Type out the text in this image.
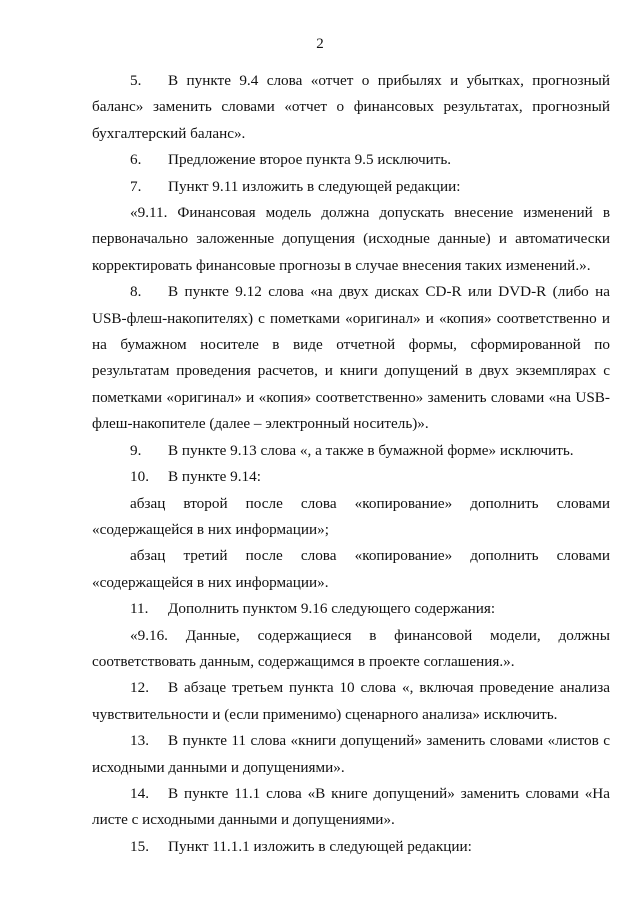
2

5. В пункте 9.4 слова «отчет о прибылях и убытках, прогнозный баланс» заменить словами «отчет о финансовых результатах, прогнозный бухгалтерский баланс».

6. Предложение второе пункта 9.5 исключить.

7. Пункт 9.11 изложить в следующей редакции:

«9.11. Финансовая модель должна допускать внесение изменений в первоначально заложенные допущения (исходные данные) и автоматически корректировать финансовые прогнозы в случае внесения таких изменений.».

8. В пункте 9.12 слова «на двух дисках CD-R или DVD-R (либо на USB-флеш-накопителях) с пометками «оригинал» и «копия» соответственно и на бумажном носителе в виде отчетной формы, сформированной по результатам проведения расчетов, и книги допущений в двух экземплярах с пометками «оригинал» и «копия» соответственно» заменить словами «на USB-флеш-накопителе (далее – электронный носитель)».

9. В пункте 9.13 слова «, а также в бумажной форме» исключить.

10. В пункте 9.14:

абзац второй после слова «копирование» дополнить словами «содержащейся в них информации»;

абзац третий после слова «копирование» дополнить словами «содержащейся в них информации».

11. Дополнить пунктом 9.16 следующего содержания:

«9.16. Данные, содержащиеся в финансовой модели, должны соответствовать данным, содержащимся в проекте соглашения.».

12. В абзаце третьем пункта 10 слова «, включая проведение анализа чувствительности и (если применимо) сценарного анализа» исключить.

13. В пункте 11 слова «книги допущений» заменить словами «листов с исходными данными и допущениями».

14. В пункте 11.1 слова «В книге допущений» заменить словами «На листе с исходными данными и допущениями».

15. Пункт 11.1.1 изложить в следующей редакции:
